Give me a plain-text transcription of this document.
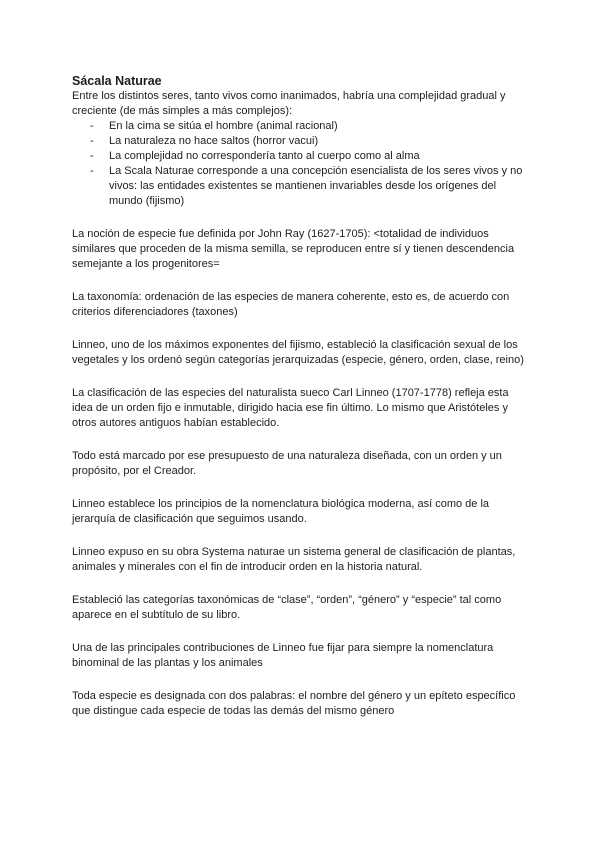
Sácala Naturae

Entre los distintos seres, tanto vivos como inanimados, habría una complejidad gradual y creciente (de más simples a más complejos):

- En la cima se sitúa el hombre (animal racional)
- La naturaleza no hace saltos (horror vacui)
- La complejidad no correspondería tanto al cuerpo como al alma
- La Scala Naturae corresponde a una concepción esencialista de los seres vivos y no vivos: las entidades existentes se mantienen invariables desde los orígenes del mundo (fijismo)

La noción de especie fue definida por John Ray (1627-1705): <totalidad de individuos similares que proceden de la misma semilla, se reproducen entre sí y tienen descendencia semejante a los progenitores=

La taxonomía: ordenación de las especies de manera coherente, esto es, de acuerdo con criterios diferenciadores (taxones)

Linneo, uno de los máximos exponentes del fijismo, estableció la clasificación sexual de los vegetales y los ordenó según categorías jerarquizadas (especie, género, orden, clase, reino)

La clasificación de las especies del naturalista sueco Carl Linneo (1707-1778) refleja esta idea de un orden fijo e inmutable, dirigido hacia ese fin último. Lo mismo que Aristóteles y otros autores antiguos habían establecido.

Todo está marcado por ese presupuesto de una naturaleza diseñada, con un orden y un propósito, por el Creador.

Linneo establece los principios de la nomenclatura biológica moderna, así como de la jerarquía de clasificación que seguimos usando.

Linneo expuso en su obra Systema naturae un sistema general de clasificación de plantas, animales y minerales con el fin de introducir orden en la historia natural.

Estableció las categorías taxonómicas de “clase”, “orden”, “género” y “especie” tal como aparece en el subtítulo de su libro.

Una de las principales contribuciones de Linneo fue fijar para siempre la nomenclatura binominal de las plantas y los animales

Toda especie es designada con dos palabras: el nombre del género y un epíteto específico que distingue cada especie de todas las demás del mismo género
